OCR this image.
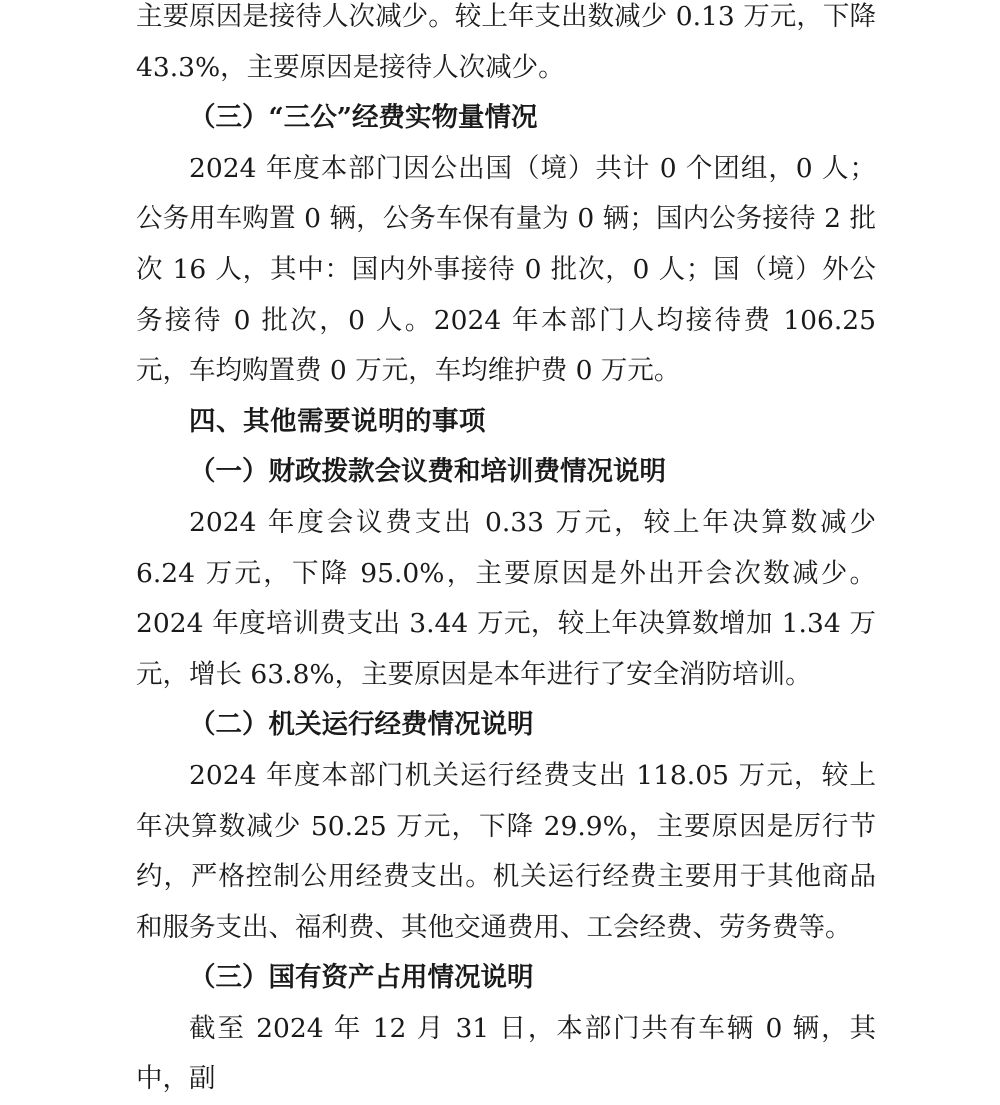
主要原因是接待人次减少。较上年支出数减少 0.13 万元，下降 43.3%，主要原因是接待人次减少。

（三）“三公”经费实物量情况

2024 年度本部门因公出国（境）共计 0 个团组，0 人；公务用车购置 0 辆，公务车保有量为 0 辆；国内公务接待 2 批次 16 人，其中：国内外事接待 0 批次，0 人；国（境）外公务接待 0 批次，0 人。2024 年本部门人均接待费 106.25 元，车均购置费 0 万元，车均维护费 0 万元。

四、其他需要说明的事项

（一）财政拨款会议费和培训费情况说明

2024 年度会议费支出 0.33 万元，较上年决算数减少 6.24 万元，下降 95.0%，主要原因是外出开会次数减少。2024 年度培训费支出 3.44 万元，较上年决算数增加 1.34 万元，增长 63.8%，主要原因是本年进行了安全消防培训。

（二）机关运行经费情况说明

2024 年度本部门机关运行经费支出 118.05 万元，较上年决算数减少 50.25 万元，下降 29.9%，主要原因是厉行节约，严格控制公用经费支出。机关运行经费主要用于其他商品和服务支出、福利费、其他交通费用、工会经费、劳务费等。

（三）国有资产占用情况说明

截至 2024 年 12 月 31 日，本部门共有车辆 0 辆，其中，副
